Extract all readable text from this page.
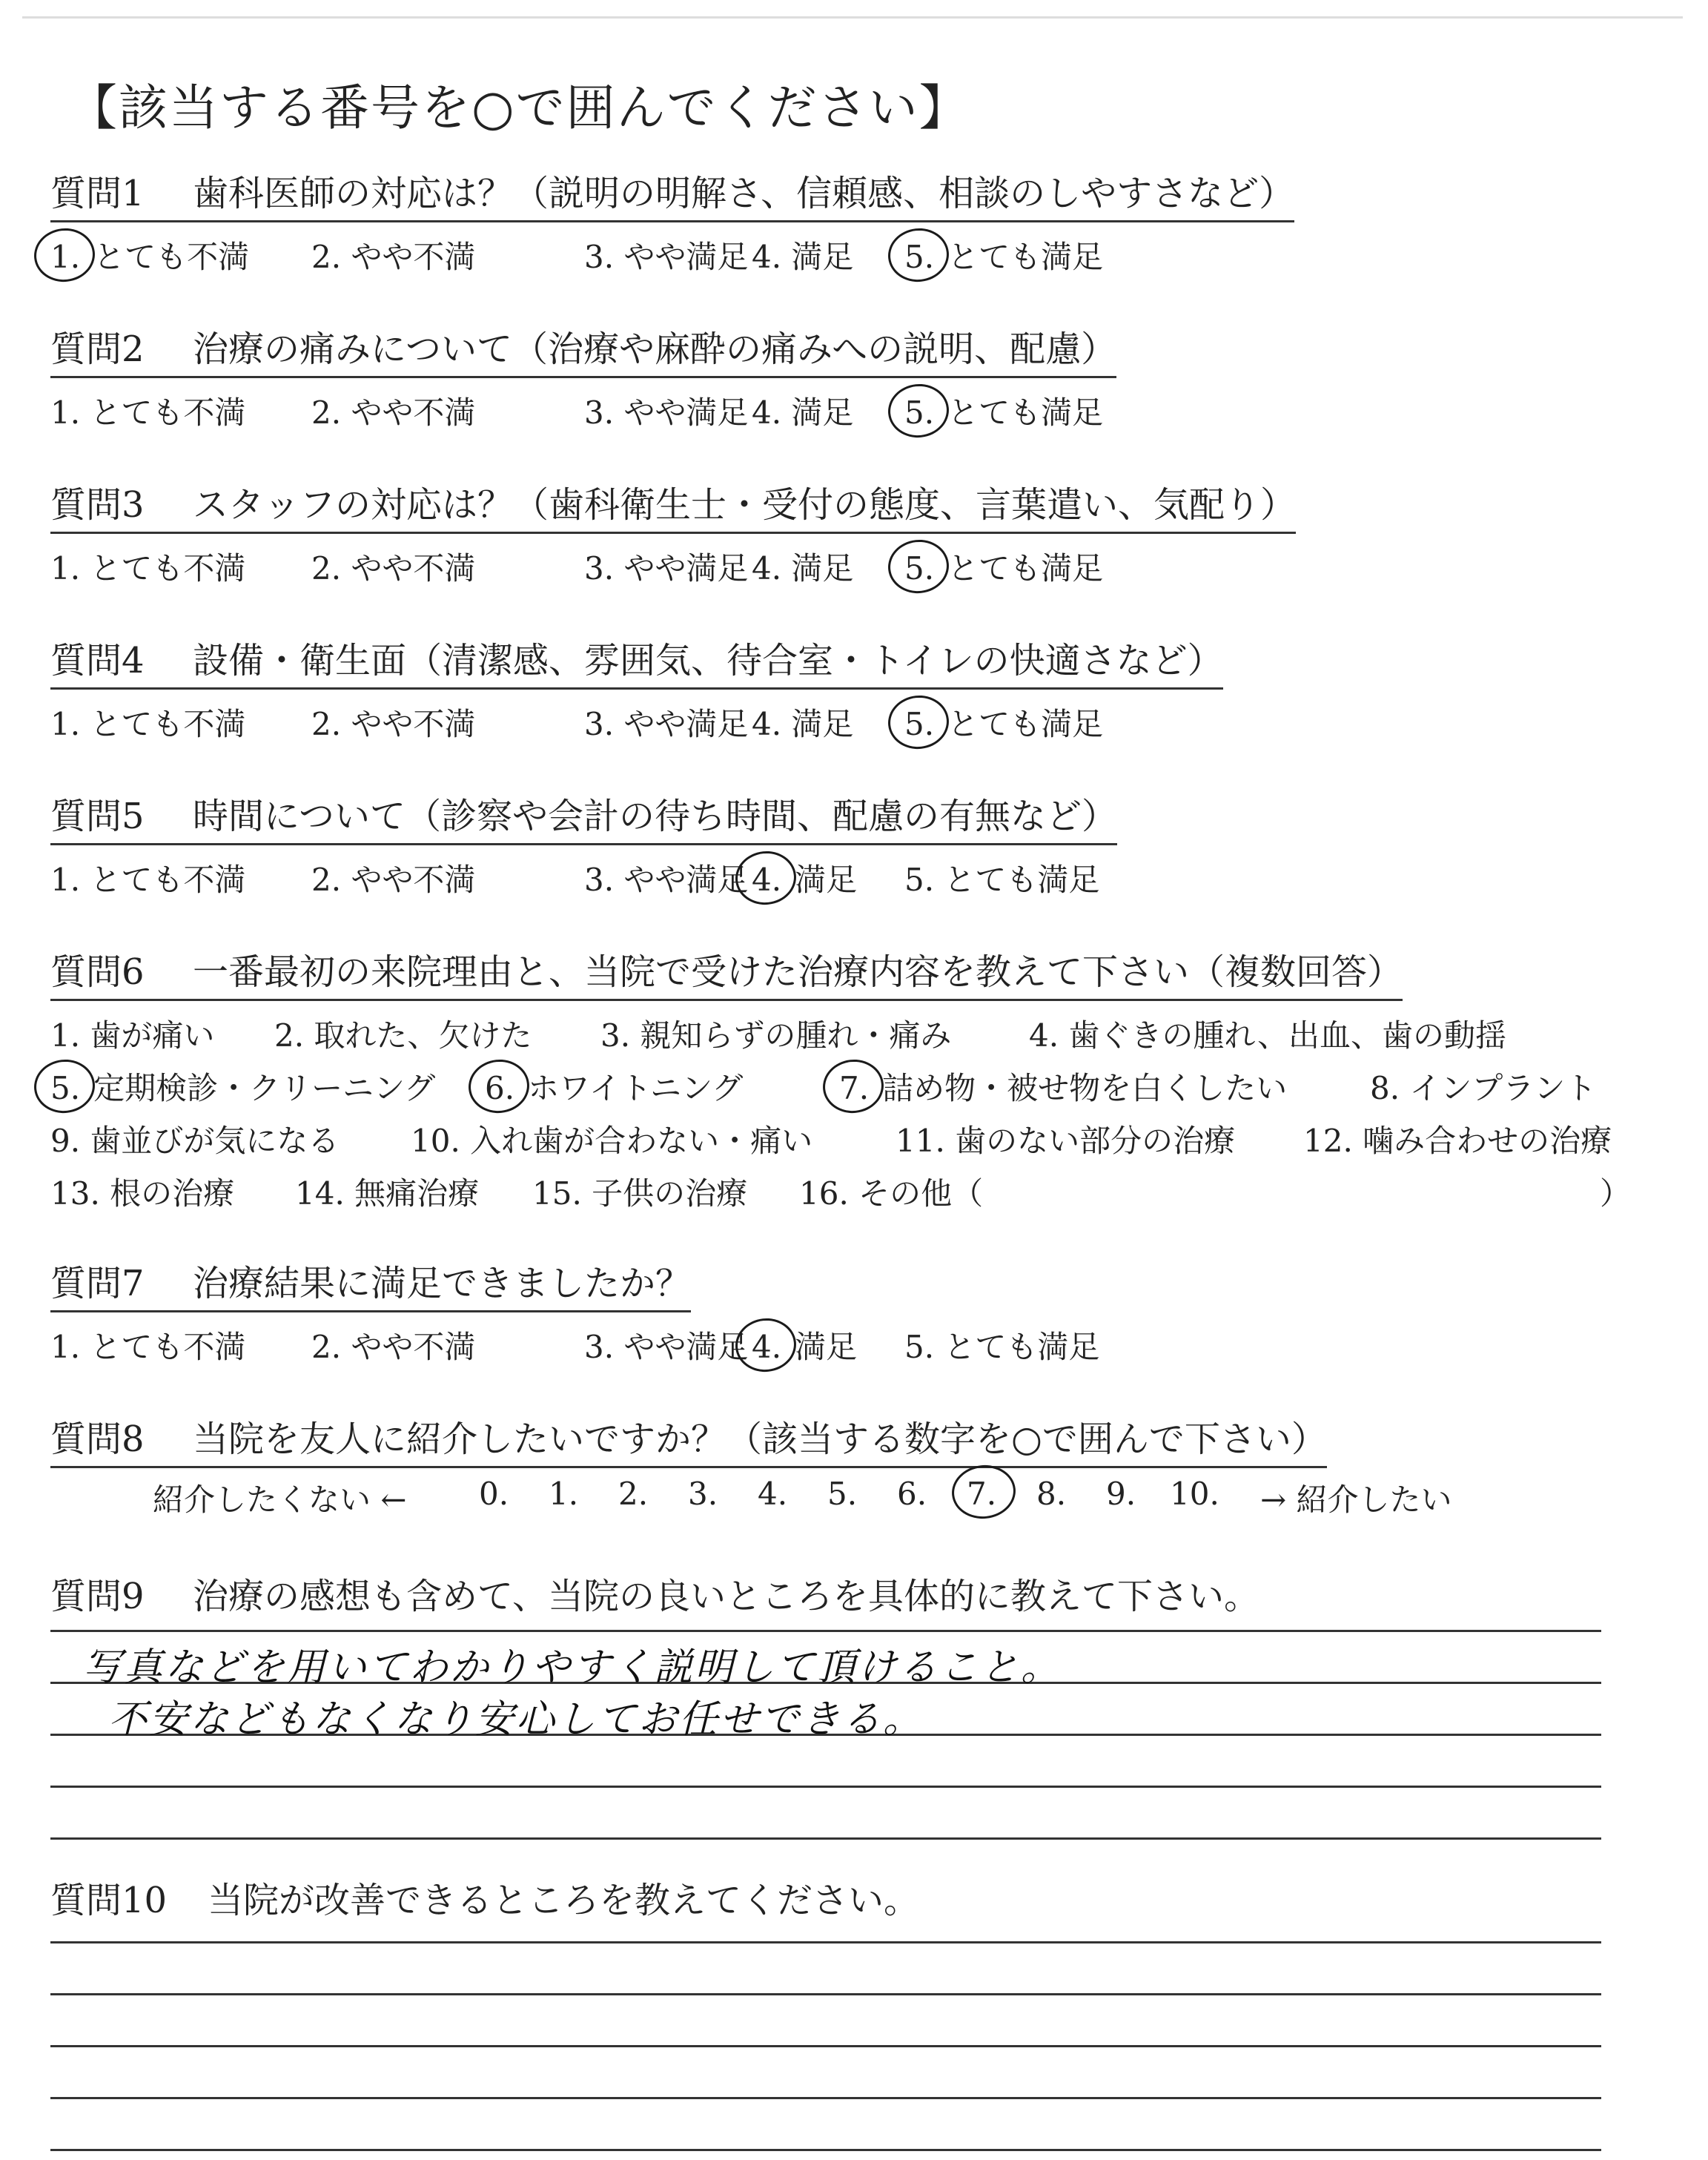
【該当する番号を○で囲んでください】
質問1 歯科医師の対応は？（説明の明解さ、信頼感、相談のしやすさなど）
1. とても不満 2. やや不満	3. やや満足 4. 満足 5. とても満足
質問2 治療の痛みについて（治療や麻酔の痛みへの説明、配慮）
1. とても不満 2. やや不満	3. やや満足 4. 満足 5. とても満足
質問3 スタッフの対応は？（歯科衛生士・受付の態度、言葉遣い、気配り）
1. とても不満 2. やや不満	3. やや満足 4. 満足 5. とても満足
質問4 設備・衛生面（清潔感、雰囲気、待合室・トイレの快適さなど）
1. とても不満 2. やや不満	3. やや満足 4. 満足 5. とても満足
質問5 時間について（診察や会計の待ち時間、配慮の有無など）
1. とても不満 2. やや不満	3. やや満足 4. 満足 5. とても満足
質問6 一番最初の来院理由と、当院で受けた治療内容を教えて下さい（複数回答）
1. 歯が痛い 2. 取れた、欠けた 3. 親知らずの腫れ・痛み 4. 歯ぐきの腫れ、出血、歯の動揺
5. 定期検診・クリーニング 6. ホワイトニング	7. 詰め物・被せ物を白くしたい	8. インプラント
9. 歯並びが気になる 10. 入れ歯が合わない・痛い	11. 歯のない部分の治療 12. 噛み合わせの治療
13. 根の治療 14. 無痛治療 15. 子供の治療 16. その他（	）
質問7 治療結果に満足できましたか？
1. とても不満 2. やや不満	3. やや満足 4. 満足 5. とても満足
質問8 当院を友人に紹介したいですか？（該当する数字を○で囲んで下さい）
紹介したくない ← 0. 1. 2. 3. 4. 5. 6. 7. 8. 9. 10. → 紹介したい
質問9 治療の感想も含めて、当院の良いところを具体的に教えて下さい。
写真などを用いてわかりやすく説明して頂けること。
不安などもなくなり安心してお任せできる。
質問10 当院が改善できるところを教えてください。
